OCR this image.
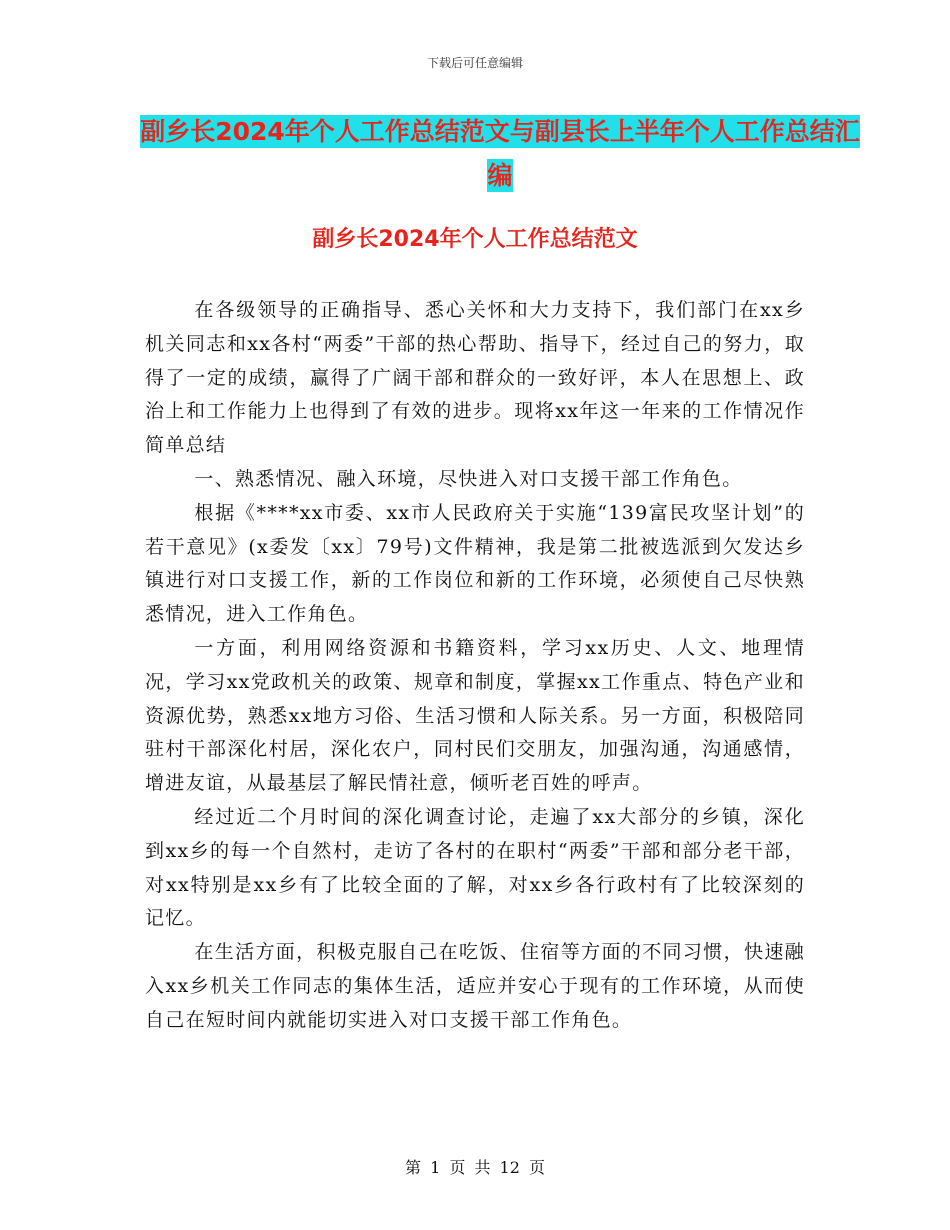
下载后可任意编辑
副乡长2024年个人工作总结范文与副县长上半年个人工作总结汇编
副乡长2024年个人工作总结范文

在各级领导的正确指导、悉心关怀和大力支持下，我们部门在xx乡机关同志和xx各村“两委”干部的热心帮助、指导下，经过自己的努力，取得了一定的成绩，赢得了广阔干部和群众的一致好评，本人在思想上、政治上和工作能力上也得到了有效的进步。现将xx年这一年来的工作情况作简单总结

一、熟悉情况、融入环境，尽快进入对口支援干部工作角色。

根据《****xx市委、xx市人民政府关于实施“139富民攻坚计划”的若干意见》(x委发〔xx〕79号)文件精神，我是第二批被选派到欠发达乡镇进行对口支援工作，新的工作岗位和新的工作环境，必须使自己尽快熟悉情况，进入工作角色。

一方面，利用网络资源和书籍资料，学习xx历史、人文、地理情况，学习xx党政机关的政策、规章和制度，掌握xx工作重点、特色产业和资源优势，熟悉xx地方习俗、生活习惯和人际关系。另一方面，积极陪同驻村干部深化村居，深化农户，同村民们交朋友，加强沟通，沟通感情，增进友谊，从最基层了解民情社意，倾听老百姓的呼声。

经过近二个月时间的深化调查讨论，走遍了xx大部分的乡镇，深化到xx乡的每一个自然村，走访了各村的在职村“两委”干部和部分老干部，对xx特别是xx乡有了比较全面的了解，对xx乡各行政村有了比较深刻的记忆。

在生活方面，积极克服自己在吃饭、住宿等方面的不同习惯，快速融入xx乡机关工作同志的集体生活，适应并安心于现有的工作环境，从而使自己在短时间内就能切实进入对口支援干部工作角色。

第 1 页 共 12 页
